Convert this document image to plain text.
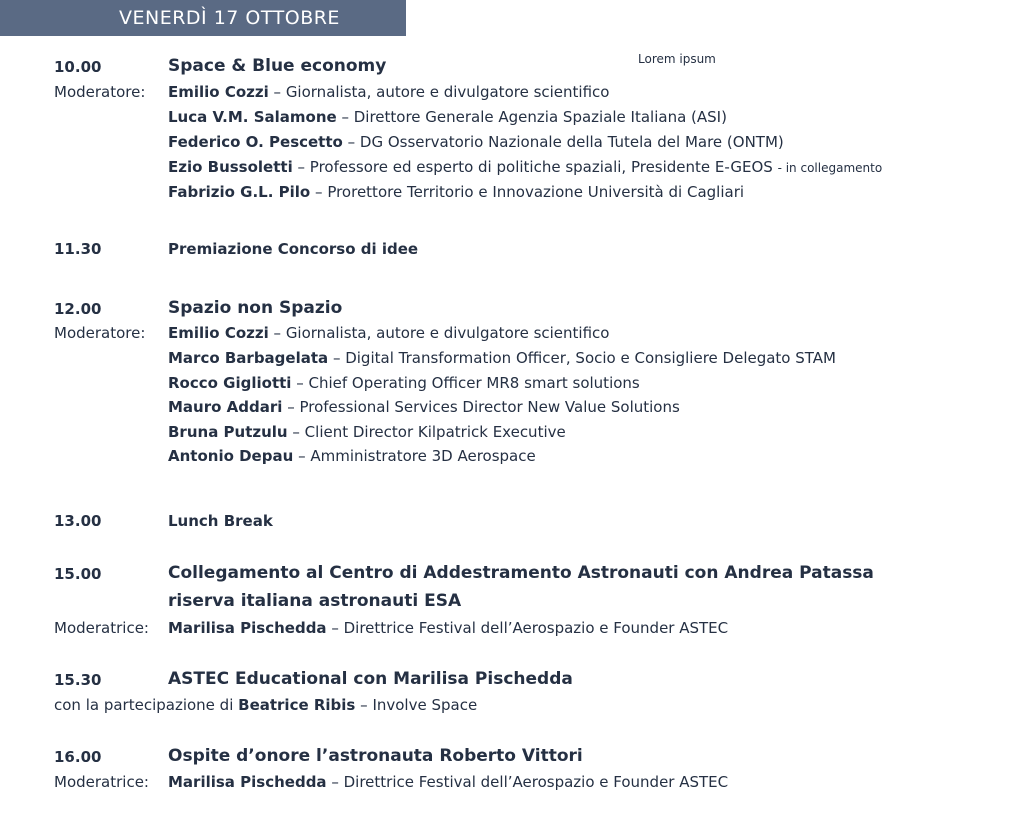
VENERDÌ 17 OTTOBRE
Lorem ipsum
10.00	Space & Blue economy
Moderatore: Emilio Cozzi – Giornalista, autore e divulgatore scientifico
Luca V.M. Salamone – Direttore Generale Agenzia Spaziale Italiana (ASI)
Federico O. Pescetto – DG Osservatorio Nazionale della Tutela del Mare (ONTM)
Ezio Bussoletti – Professore ed esperto di politiche spaziali, Presidente E-GEOS - in collegamento
Fabrizio G.L. Pilo – Prorettore Territorio e Innovazione Università di Cagliari
11.30	Premiazione Concorso di idee
12.00	Spazio non Spazio
Moderatore: Emilio Cozzi – Giornalista, autore e divulgatore scientifico
Marco Barbagelata – Digital Transformation Officer, Socio e Consigliere Delegato STAM
Rocco Gigliotti – Chief Operating Officer MR8 smart solutions
Mauro Addari – Professional Services Director New Value Solutions
Bruna Putzulu – Client Director Kilpatrick Executive
Antonio Depau – Amministratore 3D Aerospace
13.00	Lunch Break
15.00	Collegamento al Centro di Addestramento Astronauti con Andrea Patassa
riserva italiana astronauti ESA
Moderatrice: Marilisa Pischedda – Direttrice Festival dell’Aerospazio e Founder ASTEC
15.30	ASTEC Educational con Marilisa Pischedda
con la partecipazione di Beatrice Ribis – Involve Space
16.00	Ospite d’onore l’astronauta Roberto Vittori
Moderatrice: Marilisa Pischedda – Direttrice Festival dell’Aerospazio e Founder ASTEC
